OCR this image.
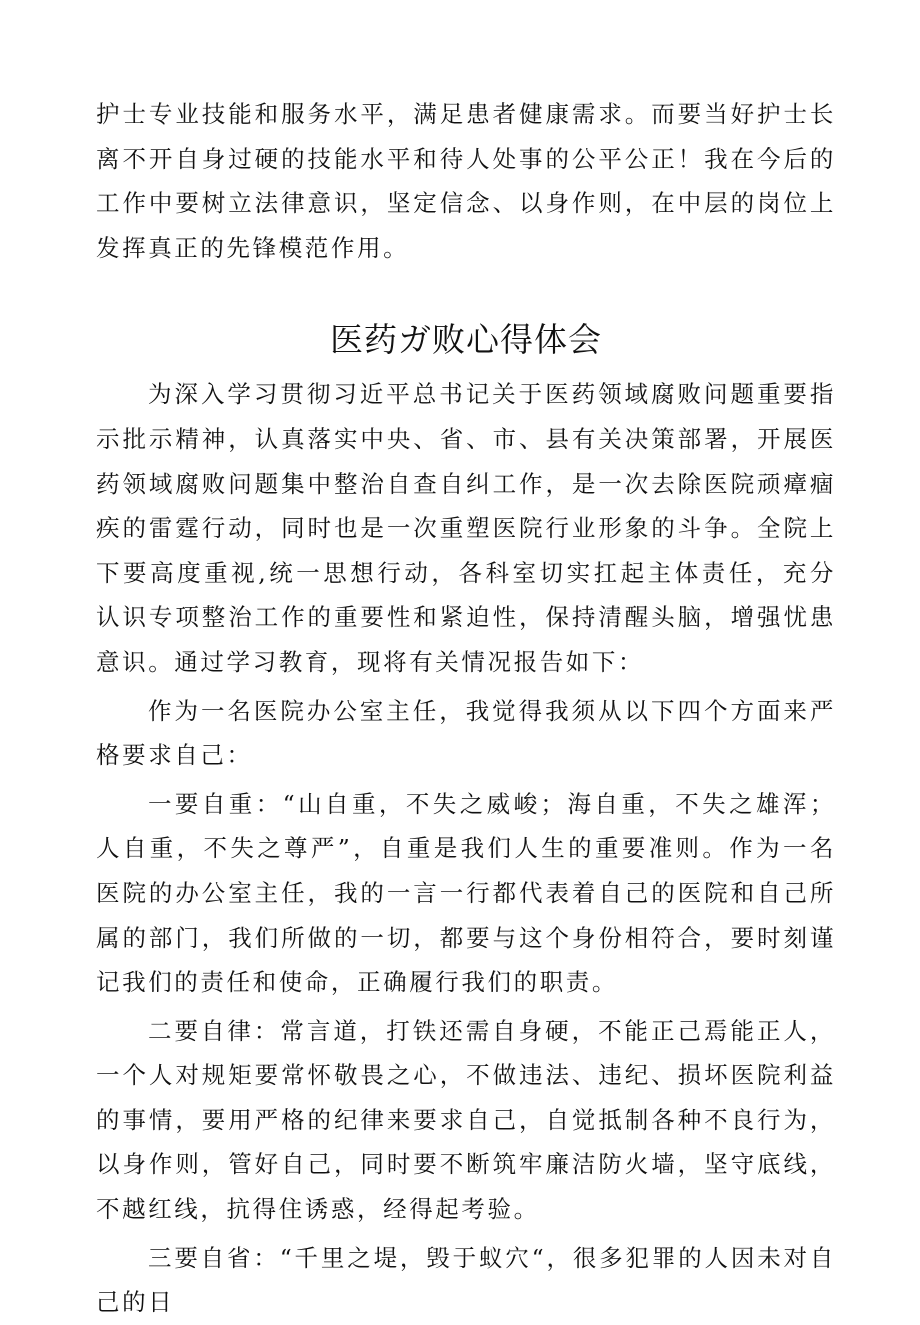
护士专业技能和服务水平，满足患者健康需求。而要当好护士长离不开自身过硬的技能水平和待人处事的公平公正！我在今后的工作中要树立法律意识，坚定信念、以身作则，在中层的岗位上发挥真正的先锋模范作用。

医药ガ败心得体会

为深入学习贯彻习近平总书记关于医药领域腐败问题重要指示批示精神，认真落实中央、省、市、县有关决策部署，开展医药领域腐败问题集中整治自查自纠工作，是一次去除医院顽瘴痼疾的雷霆行动，同时也是一次重塑医院行业形象的斗争。全院上下要高度重视,统一思想行动，各科室切实扛起主体责任，充分认识专项整治工作的重要性和紧迫性，保持清醒头脑，增强忧患意识。通过学习教育，现将有关情况报告如下：

作为一名医院办公室主任，我觉得我须从以下四个方面来严格要求自己：

一要自重：“山自重，不失之威峻；海自重，不失之雄浑；人自重，不失之尊严”，自重是我们人生的重要准则。作为一名医院的办公室主任，我的一言一行都代表着自己的医院和自己所属的部门，我们所做的一切，都要与这个身份相符合，要时刻谨记我们的责任和使命，正确履行我们的职责。

二要自律：常言道，打铁还需自身硬，不能正己焉能正人，一个人对规矩要常怀敬畏之心，不做违法、违纪、损坏医院利益的事情，要用严格的纪律来要求自己，自觉抵制各种不良行为，以身作则，管好自己，同时要不断筑牢廉洁防火墙，坚守底线，不越红线，抗得住诱惑，经得起考验。

三要自省：“千里之堤，毁于蚁穴“，很多犯罪的人因未对自己的日
